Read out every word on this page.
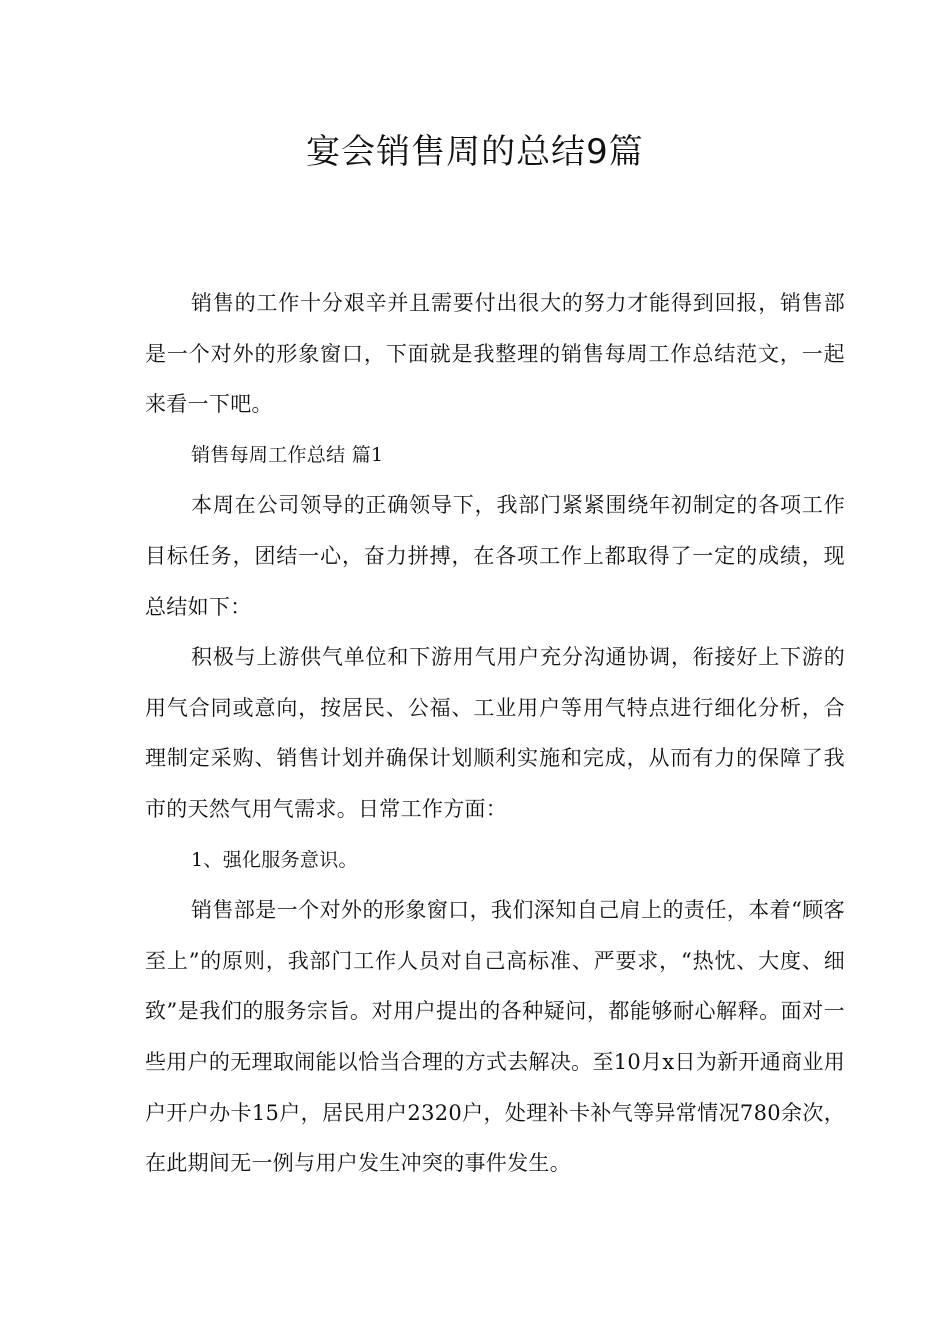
宴会销售周的总结9篇

销售的工作十分艰辛并且需要付出很大的努力才能得到回报，销售部是一个对外的形象窗口，下面就是我整理的销售每周工作总结范文，一起来看一下吧。

销售每周工作总结 篇1

本周在公司领导的正确领导下，我部门紧紧围绕年初制定的各项工作目标任务，团结一心，奋力拼搏，在各项工作上都取得了一定的成绩，现总结如下：

积极与上游供气单位和下游用气用户充分沟通协调，衔接好上下游的用气合同或意向，按居民、公福、工业用户等用气特点进行细化分析，合理制定采购、销售计划并确保计划顺利实施和完成，从而有力的保障了我市的天然气用气需求。日常工作方面：

1、强化服务意识。

销售部是一个对外的形象窗口，我们深知自己肩上的责任，本着“顾客至上”的原则，我部门工作人员对自己高标准、严要求，“热忱、大度、细致”是我们的服务宗旨。对用户提出的各种疑问，都能够耐心解释。面对一些用户的无理取闹能以恰当合理的方式去解决。至10月x日为新开通商业用户开户办卡15户，居民用户2320户，处理补卡补气等异常情况780余次，在此期间无一例与用户发生冲突的事件发生。
